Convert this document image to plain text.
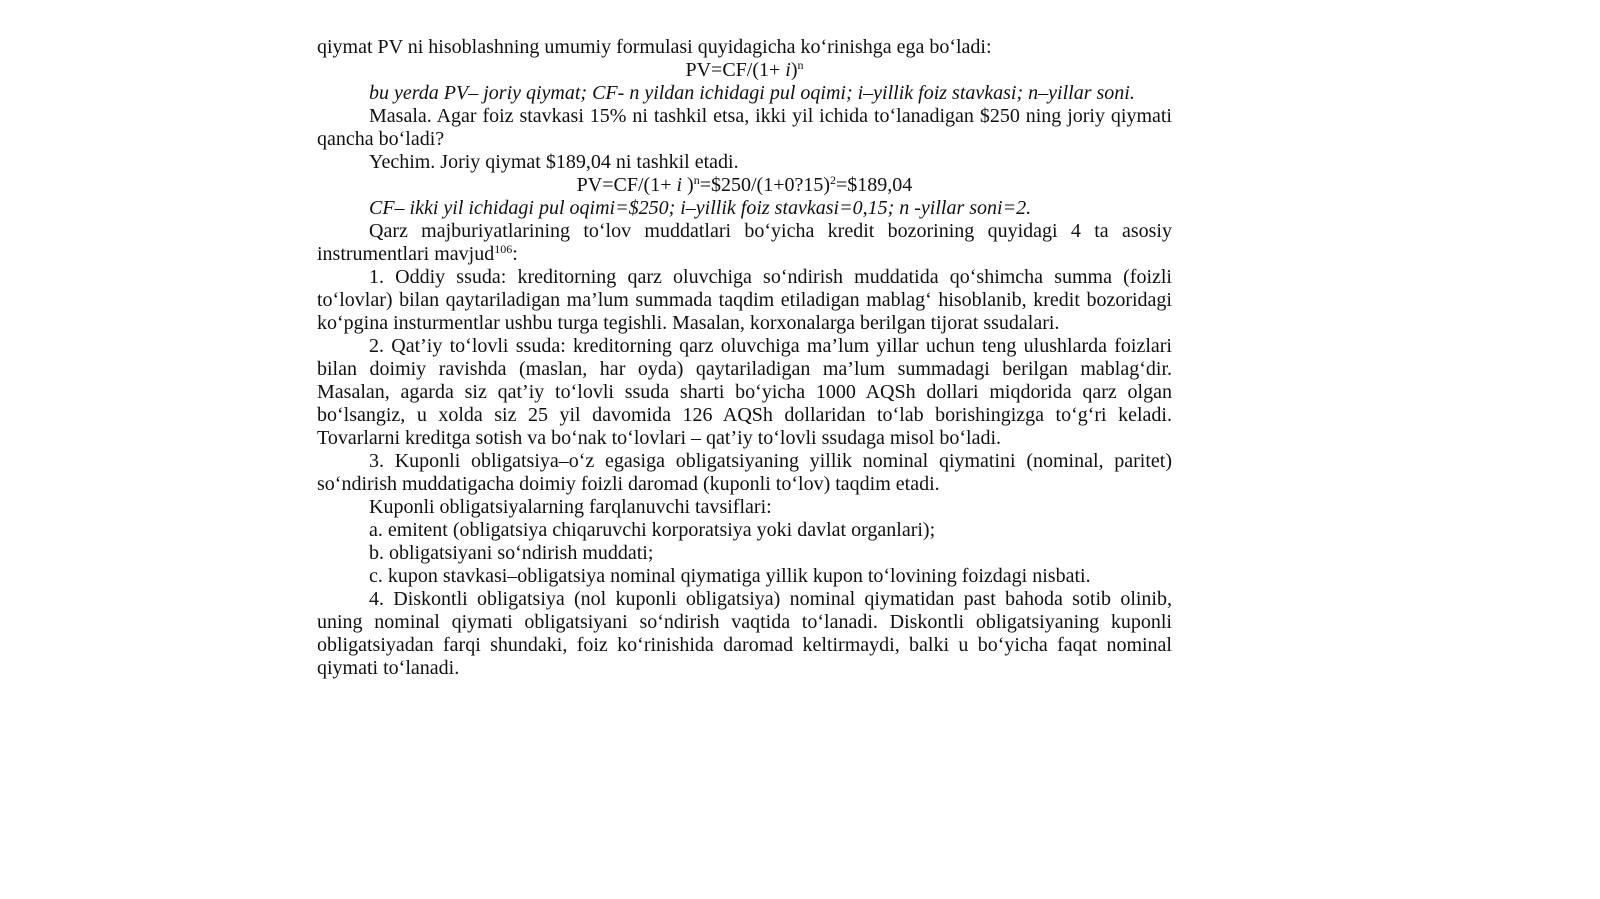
qiymat PV ni hisoblashning umumiy formulasi quyidagicha ko‘rinishga ega bo‘ladi:

$PV=CF/(1+ i)^n$

bu yerda PV– joriy qiymat; CF- n yildan ichidagi pul oqimi; i–yillik foiz stavkasi; n–yillar soni.

Masala. Agar foiz stavkasi 15% ni tashkil etsa, ikki yil ichida to‘lanadigan $250 ning joriy qiymati qancha bo‘ladi?

Yechim. Joriy qiymat $189,04 ni tashkil etadi.

PV=CF/(1+ i )$^n$=$250/(1+0?15)$^2$=$189,04

CF– ikki yil ichidagi pul oqimi=$250; i–yillik foiz stavkasi=0,15; n -yillar soni=2.

Qarz majburiyatlarining to‘lov muddatlari bo‘yicha kredit bozorining quyidagi 4 ta asosiy instrumentlari mavjud$^{106}$:

1. Oddiy ssuda: kreditorning qarz oluvchiga so‘ndirish muddatida qo‘shimcha summa (foizli to‘lovlar) bilan qaytariladigan ma’lum summada taqdim etiladigan mablag‘ hisoblanib, kredit bozoridagi ko‘pgina insturmentlar ushbu turga tegishli. Masalan, korxonalarga berilgan tijorat ssudalari.

2. Qat’iy to‘lovli ssuda: kreditorning qarz oluvchiga ma’lum yillar uchun teng ulushlarda foizlari bilan doimiy ravishda (maslan, har oyda) qaytariladigan ma’lum summadagi berilgan mablag‘dir. Masalan, agarda siz qat’iy to‘lovli ssuda sharti bo‘yicha 1000 AQSh dollari miqdorida qarz olgan bo‘lsangiz, u xolda siz 25 yil davomida 126 AQSh dollaridan to‘lab borishingizga to‘g‘ri keladi. Tovarlarni kreditga sotish va bo‘nak to‘lovlari – qat’iy to‘lovli ssudaga misol bo‘ladi.

3. Kuponli obligatsiya–o‘z egasiga obligatsiyaning yillik nominal qiymatini (nominal, paritet) so‘ndirish muddatigacha doimiy foizli daromad (kuponli to‘lov) taqdim etadi.

Kuponli obligatsiyalarning farqlanuvchi tavsiflari:

a. emitent (obligatsiya chiqaruvchi korporatsiya yoki davlat organlari);

b. obligatsiyani so‘ndirish muddati;

c. kupon stavkasi–obligatsiya nominal qiymatiga yillik kupon to‘lovining foizdagi nisbati.

4. Diskontli obligatsiya (nol kuponli obligatsiya) nominal qiymatidan past bahoda sotib olinib, uning nominal qiymati obligatsiyani so‘ndirish vaqtida to‘lanadi. Diskontli obligatsiyaning kuponli obligatsiyadan farqi shundaki, foiz ko‘rinishida daromad keltirmaydi, balki u bo‘yicha faqat nominal qiymati to‘lanadi.
